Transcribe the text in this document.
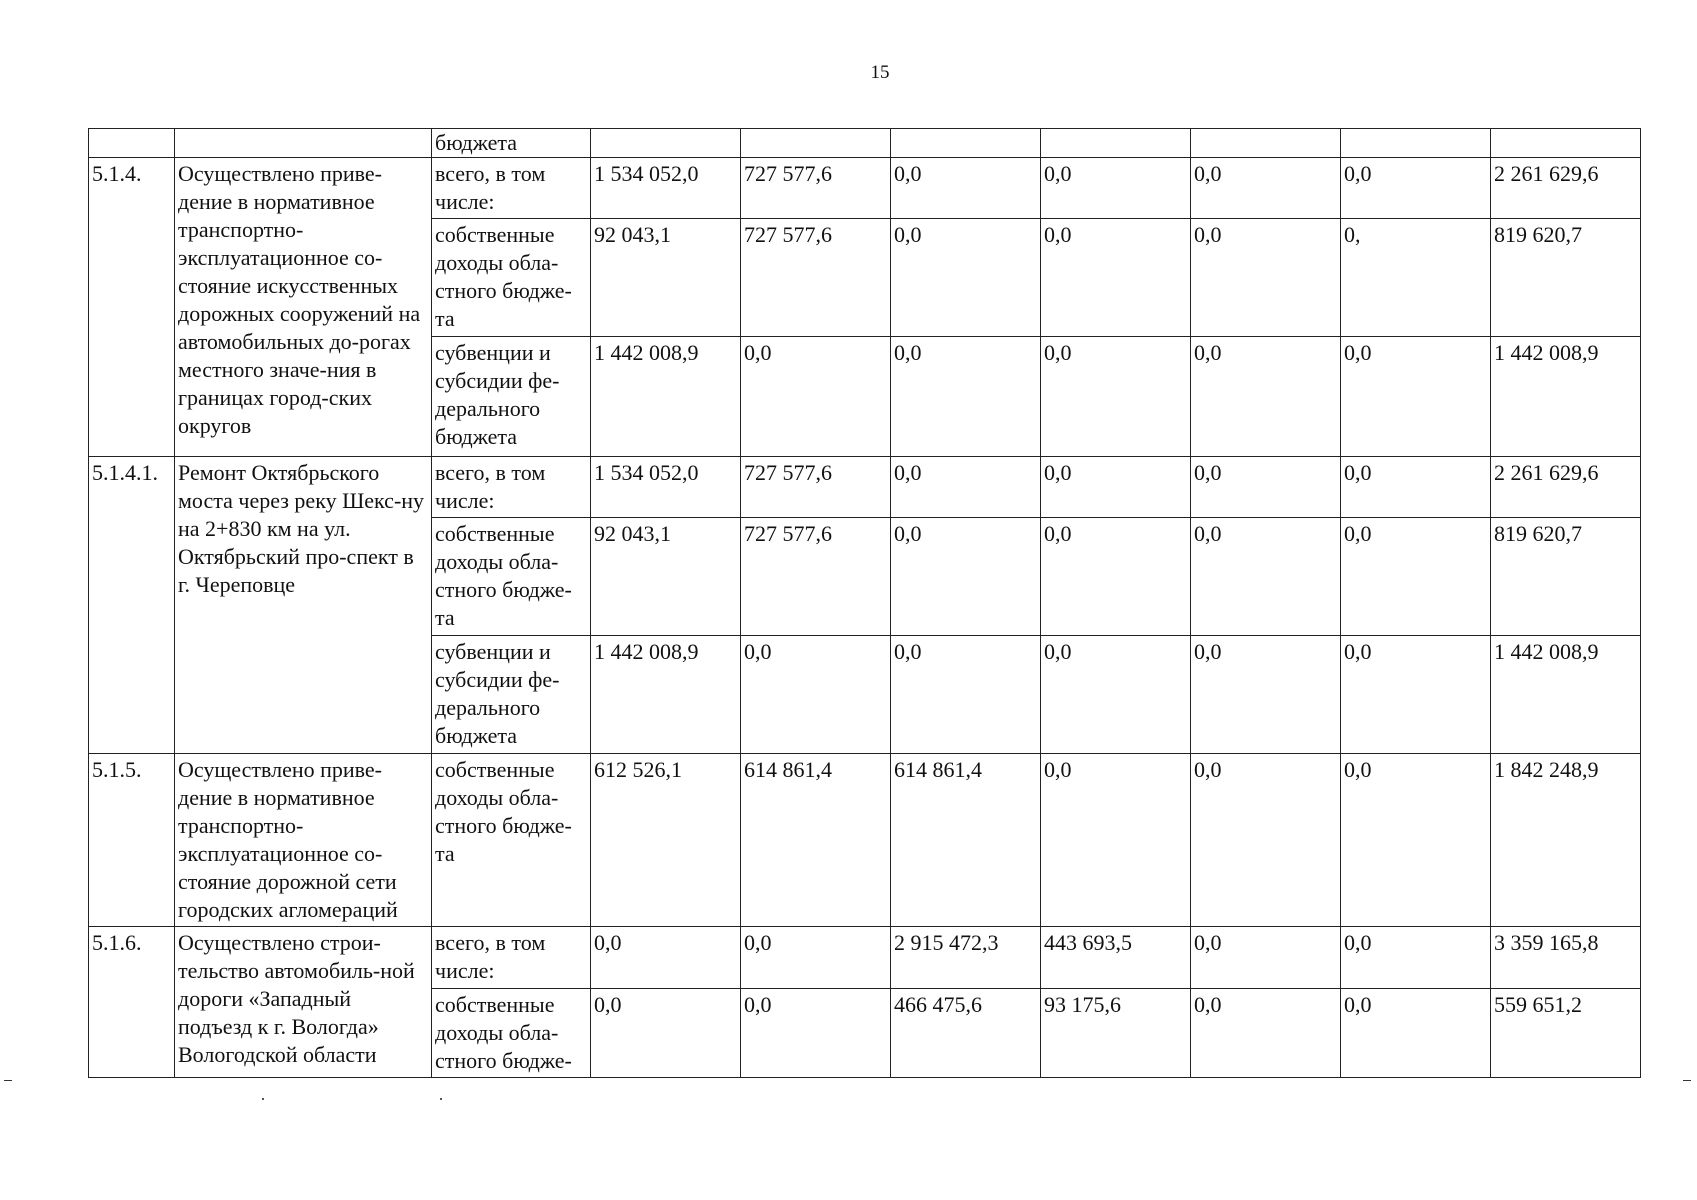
15
		бюджета							
5.1.4.	Осуществлено приве-дение в нормативное транспортно-эксплуатационное со-стояние искусственных дорожных сооружений на автомобильных до-рогах местного значе-ния в границах город-ских округов	всего, в том числе:	1 534 052,0	727 577,6	0,0	0,0	0,0	0,0	2 261 629,6
		собственные доходы обла-стного бюдже-та	92 043,1	727 577,6	0,0	0,0	0,0	0,	819 620,7
		субвенции и субсидии фе-дерального бюджета	1 442 008,9	0,0	0,0	0,0	0,0	0,0	1 442 008,9
5.1.4.1.	Ремонт Октябрьского моста через реку Шекс-ну на 2+830 км на ул. Октябрьский про-спект в г. Череповце	всего, в том числе:	1 534 052,0	727 577,6	0,0	0,0	0,0	0,0	2 261 629,6
		собственные доходы обла-стного бюдже-та	92 043,1	727 577,6	0,0	0,0	0,0	0,0	819 620,7
		субвенции и субсидии фе-дерального бюджета	1 442 008,9	0,0	0,0	0,0	0,0	0,0	1 442 008,9
5.1.5.	Осуществлено приве-дение в нормативное транспортно-эксплуатационное со-стояние дорожной сети городских агломераций	собственные доходы обла-стного бюдже-та	612 526,1	614 861,4	614 861,4	0,0	0,0	0,0	1 842 248,9
5.1.6.	Осуществлено строи-тельство автомобиль-ной дороги «Западный подъезд к г. Вологда» Вологодской области	всего, в том числе:	0,0	0,0	2 915 472,3	443 693,5	0,0	0,0	3 359 165,8
		собственные доходы обла-стного бюдже-	0,0	0,0	466 475,6	93 175,6	0,0	0,0	559 651,2
